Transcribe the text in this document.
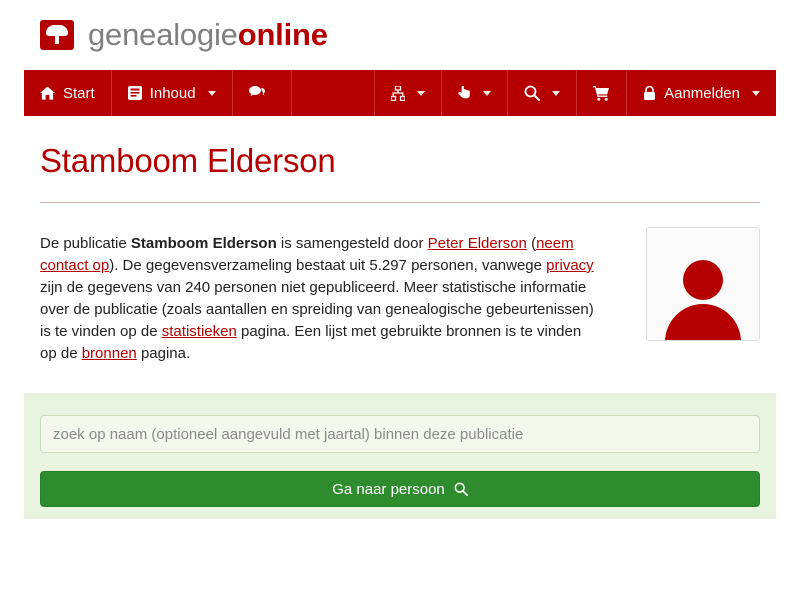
genealogieonline
Start	Inhoud	Aanmelden
Stamboom Elderson
De publicatie Stamboom Elderson is samengesteld door Peter Elderson (neem contact op). De gegevensverzameling bestaat uit 5.297 personen, vanwege privacy zijn de gegevens van 240 personen niet gepubliceerd. Meer statistische informatie over de publicatie (zoals aantallen en spreiding van genealogische gebeurtenissen) is te vinden op de statistieken pagina. Een lijst met gebruikte bronnen is te vinden op de bronnen pagina.
zoek op naam (optioneel aangevuld met jaartal) binnen deze publicatie
Ga naar persoon
